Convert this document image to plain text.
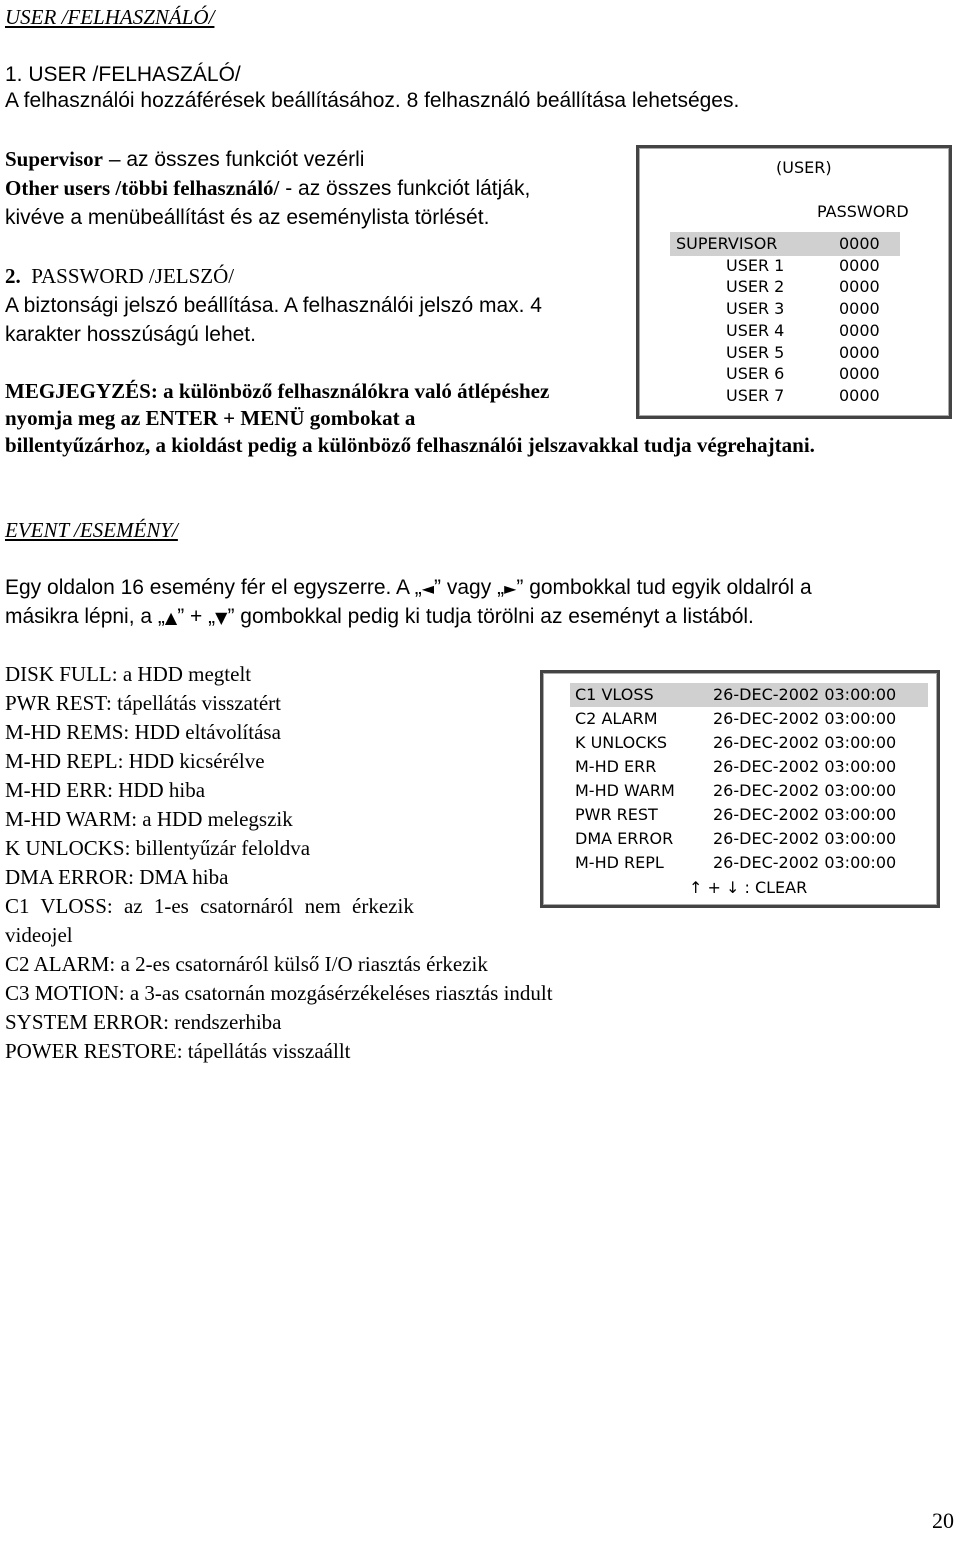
USER /FELHASZNÁLÓ/
1. USER /FELHASZÁLÓ/
A felhasználói hozzáférések beállításához. 8 felhasználó beállítása lehetséges.
Supervisor – az összes funkciót vezérli
Other users /többi felhasználó/ - az összes funkciót látják,
kivéve a menübeállítást és az eseménylista törlését.
2. PASSWORD /JELSZÓ/
A biztonsági jelszó beállítása. A felhasználói jelszó max. 4
karakter hosszúságú lehet.
MEGJEGYZÉS: a különböző felhasználókra való átlépéshez
nyomja meg az ENTER + MENÜ gombokat a
billentyűzárhoz, a kioldást pedig a különböző felhasználói jelszavakkal tudja végrehajtani.
(USER)
PASSWORD
SUPERVISOR	0000
USER 1	0000
USER 2	0000
USER 3	0000
USER 4	0000
USER 5	0000
USER 6	0000
USER 7	0000
EVENT /ESEMÉNY/
Egy oldalon 16 esemény fér el egyszerre. A „◄” vagy „►” gombokkal tud egyik oldalról a
másikra lépni, a „▲” + „▼” gombokkal pedig ki tudja törölni az eseményt a listából.
DISK FULL: a HDD megtelt
PWR REST: tápellátás visszatért
M-HD REMS: HDD eltávolítása
M-HD REPL: HDD kicsérélve
M-HD ERR: HDD hiba
M-HD WARM: a HDD melegszik
K UNLOCKS: billentyűzár feloldva
DMA ERROR: DMA hiba
C1 VLOSS: az 1-es csatornáról nem érkezik
videojel
C2 ALARM: a 2-es csatornáról külső I/O riasztás érkezik
C3 MOTION: a 3-as csatornán mozgásérzékeléses riasztás indult
SYSTEM ERROR: rendszerhiba
POWER RESTORE: tápellátás visszaállt
C1 VLOSS	26-DEC-2002 03:00:00
C2 ALARM	26-DEC-2002 03:00:00
K UNLOCKS	26-DEC-2002 03:00:00
M-HD ERR	26-DEC-2002 03:00:00
M-HD WARM 26-DEC-2002 03:00:00
PWR REST	26-DEC-2002 03:00:00
DMA ERROR 26-DEC-2002 03:00:00
M-HD REPL	26-DEC-2002 03:00:00
↑ + ↓ : CLEAR
20
